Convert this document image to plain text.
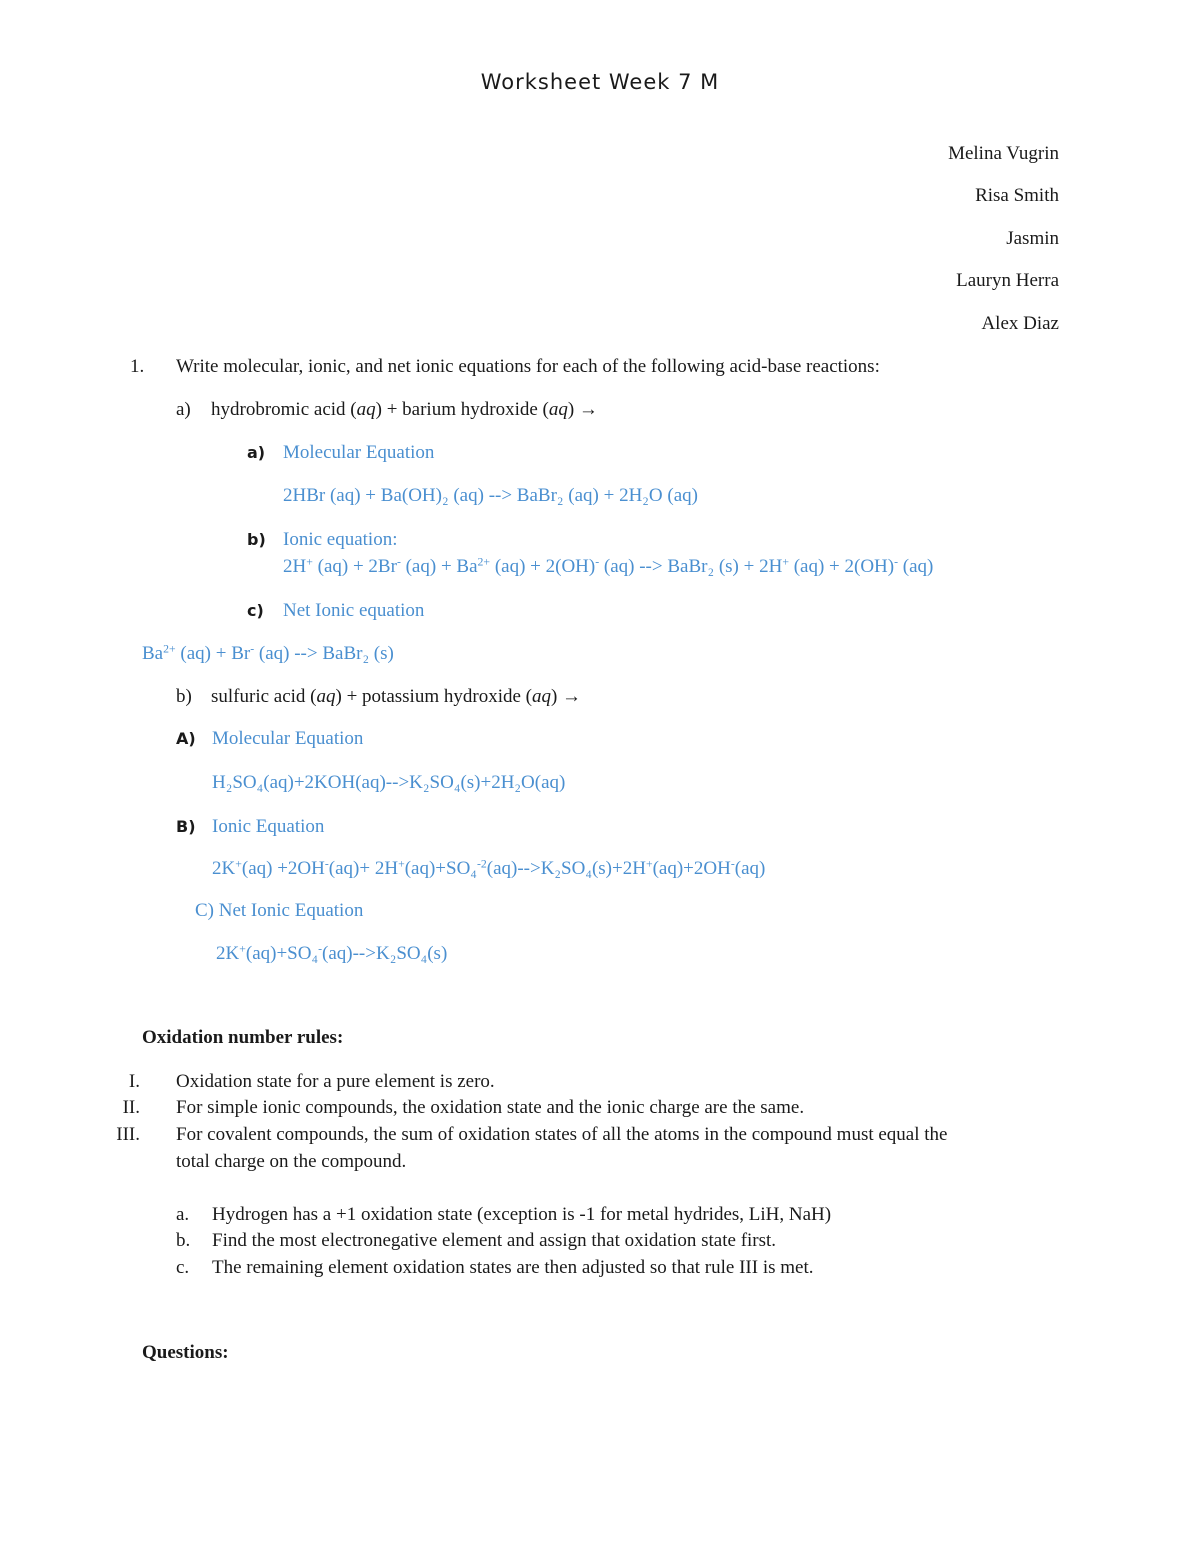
Worksheet Week 7 M
Melina Vugrin
Risa Smith
Jasmin
Lauryn Herra
Alex Diaz
1.	Write molecular, ionic, and net ionic equations for each of the following acid-base reactions:
a) hydrobromic acid (aq) + barium hydroxide (aq) →
a) Molecular Equation
2HBr (aq) + Ba(OH)₂ (aq) --> BaBr₂ (aq) + 2H₂O (aq)
b) Ionic equation:
2H+ (aq) + 2Br- $(aq) + Ba^{2+}$ (aq) + 2(OH)- (aq) --> BaBr₂ (s) + 2H+ (aq) + 2(OH)- (aq)
c) Net Ionic equation
$Ba^{2+}$ (aq) + Br- (aq) --> BaBr₂ (s)
b) sulfuric acid (aq) + potassium hydroxide (aq) →
A) Molecular Equation
H₂SO₄(aq)+2KOH(aq)-->K₂SO₄(s)+2H₂O(aq)
B) Ionic Equation
2K+(aq) +2OH-(aq)+ 2H+(aq)+SO₄$^{-2}$(aq)-->K₂SO₄(s)+2H+(aq)+2OH-(aq)
C) Net Ionic Equation
2K+(aq)+SO₄-(aq)-->K₂SO₄(s)
Oxidation number rules:
I. Oxidation state for a pure element is zero.
II. For simple ionic compounds, the oxidation state and the ionic charge are the same.
III. For covalent compounds, the sum of oxidation states of all the atoms in the compound must equal the
total charge on the compound.
a. Hydrogen has a +1 oxidation state (exception is -1 for metal hydrides, LiH, NaH)
b. Find the most electronegative element and assign that oxidation state first.
c. The remaining element oxidation states are then adjusted so that rule III is met.
Questions:
